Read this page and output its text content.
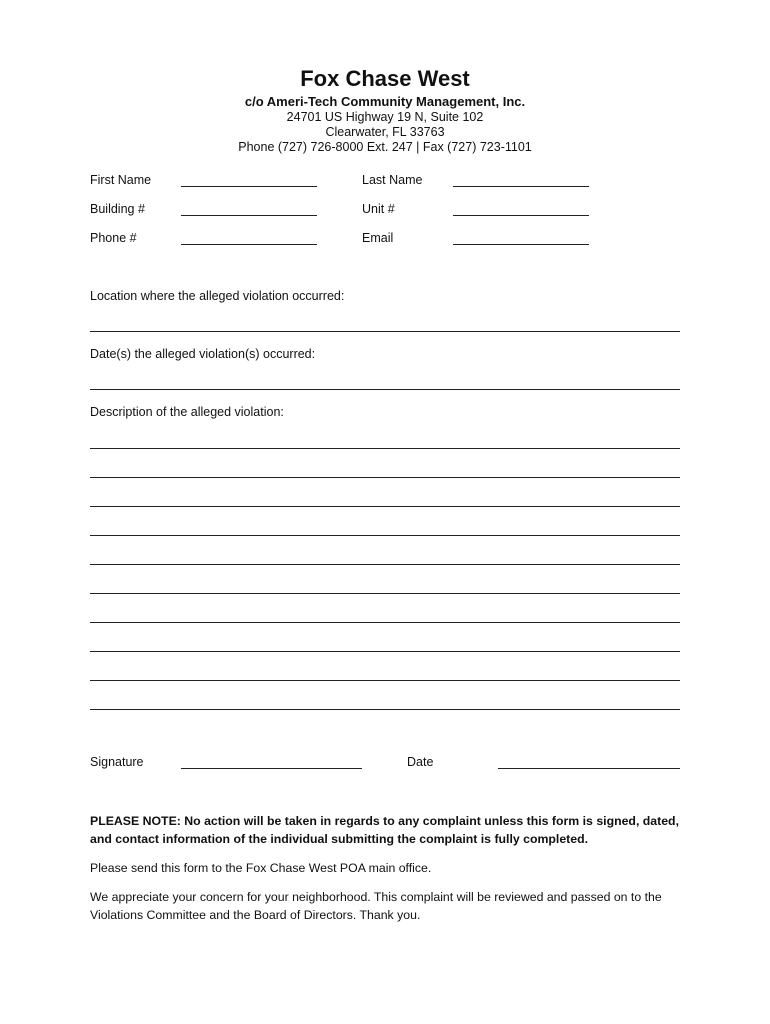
Fox Chase West
c/o Ameri-Tech Community Management, Inc.
24701 US Highway 19 N, Suite 102
Clearwater, FL 33763
Phone (727) 726-8000 Ext. 247 | Fax (727) 723-1101
First Name	Last Name
Building #	Unit #
Phone #	Email
Location where the alleged violation occurred:
Date(s) the alleged violation(s) occurred:
Description of the alleged violation:
Signature	Date
PLEASE NOTE: No action will be taken in regards to any complaint unless this form is signed, dated, and contact information of the individual submitting the complaint is fully completed.
Please send this form to the Fox Chase West POA main office.
We appreciate your concern for your neighborhood. This complaint will be reviewed and passed on to the Violations Committee and the Board of Directors. Thank you.
